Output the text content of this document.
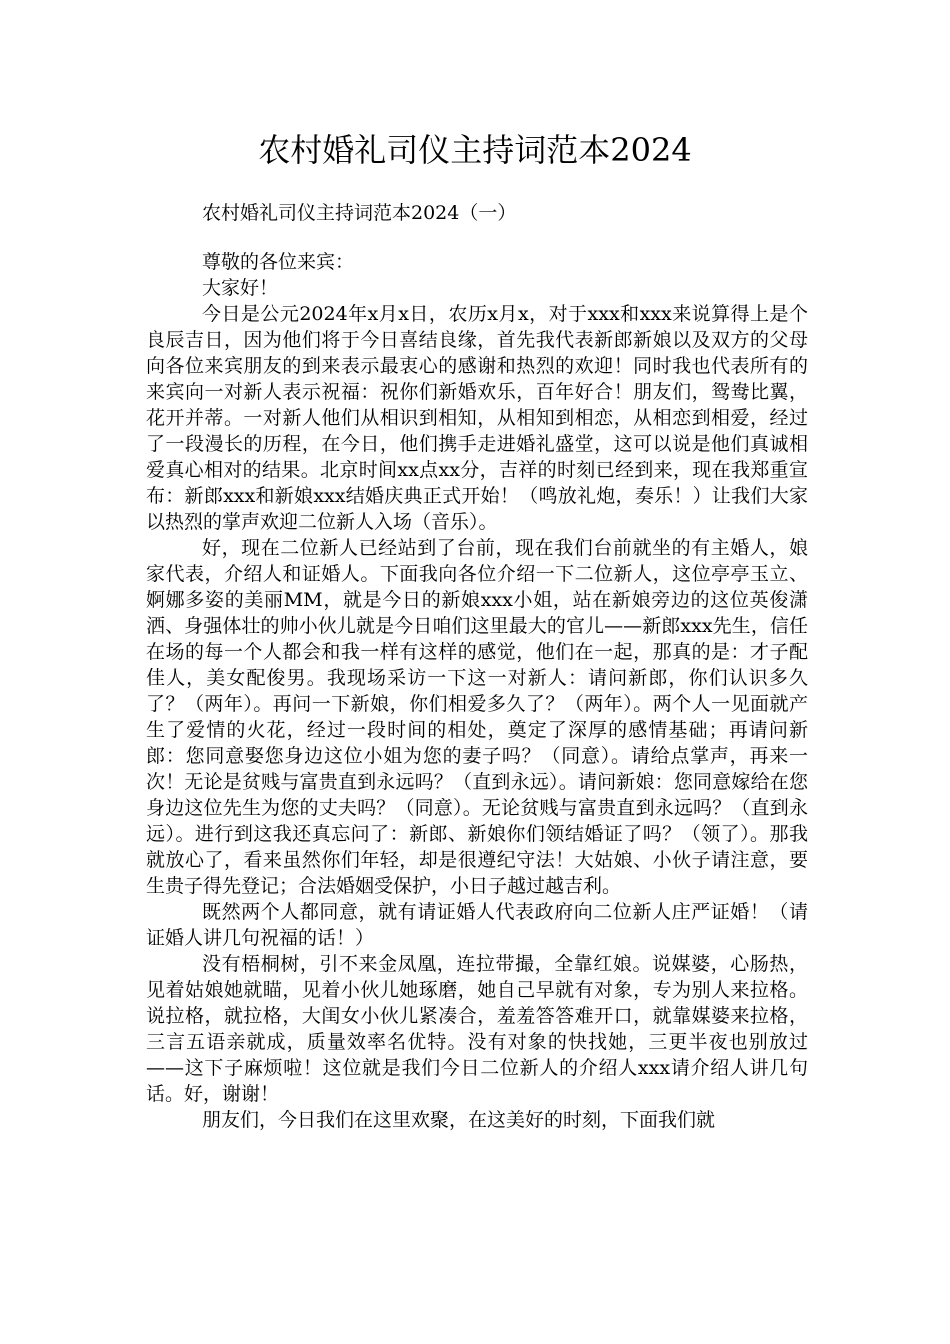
农村婚礼司仪主持词范本2024
农村婚礼司仪主持词范本2024（一）

尊敬的各位来宾：

大家好！

今日是公元2024年x月x日，农历x月x，对于xxx和xxx来说算得上是个良辰吉日，因为他们将于今日喜结良缘，首先我代表新郎新娘以及双方的父母向各位来宾朋友的到来表示最衷心的感谢和热烈的欢迎！同时我也代表所有的来宾向一对新人表示祝福：祝你们新婚欢乐，百年好合！朋友们，鸳鸯比翼，花开并蒂。一对新人他们从相识到相知，从相知到相恋，从相恋到相爱，经过了一段漫长的历程，在今日，他们携手走进婚礼盛堂，这可以说是他们真诚相爱真心相对的结果。北京时间xx点xx分，吉祥的时刻已经到来，现在我郑重宣布：新郎xxx和新娘xxx结婚庆典正式开始！（鸣放礼炮，奏乐！）让我们大家以热烈的掌声欢迎二位新人入场（音乐）。

好，现在二位新人已经站到了台前，现在我们台前就坐的有主婚人，娘家代表，介绍人和证婚人。下面我向各位介绍一下二位新人，这位亭亭玉立、婀娜多姿的美丽MM，就是今日的新娘xxx小姐，站在新娘旁边的这位英俊潇洒、身强体壮的帅小伙儿就是今日咱们这里最大的官儿——新郎xxx先生，信任在场的每一个人都会和我一样有这样的感觉，他们在一起，那真的是：才子配佳人，美女配俊男。我现场采访一下这一对新人：请问新郎，你们认识多久了？（两年）。再问一下新娘，你们相爱多久了？（两年）。两个人一见面就产生了爱情的火花，经过一段时间的相处，奠定了深厚的感情基础；再请问新郎：您同意娶您身边这位小姐为您的妻子吗？（同意）。请给点掌声，再来一次！无论是贫贱与富贵直到永远吗？（直到永远）。请问新娘：您同意嫁给在您身边这位先生为您的丈夫吗？（同意）。无论贫贱与富贵直到永远吗？（直到永远）。进行到这我还真忘问了：新郎、新娘你们领结婚证了吗？（领了）。那我就放心了，看来虽然你们年轻，却是很遵纪守法！大姑娘、小伙子请注意，要生贵子得先登记；合法婚姻受保护，小日子越过越吉利。

既然两个人都同意，就有请证婚人代表政府向二位新人庄严证婚！（请证婚人讲几句祝福的话！）

没有梧桐树，引不来金凤凰，连拉带撮，全靠红娘。说媒婆，心肠热，见着姑娘她就瞄，见着小伙儿她琢磨，她自己早就有对象，专为别人来拉格。说拉格，就拉格，大闺女小伙儿紧凑合，羞羞答答难开口，就靠媒婆来拉格，三言五语亲就成，质量效率名优特。没有对象的快找她，三更半夜也别放过——这下子麻烦啦！这位就是我们今日二位新人的介绍人xxx请介绍人讲几句话。好，谢谢！

朋友们，今日我们在这里欢聚，在这美好的时刻，下面我们就
